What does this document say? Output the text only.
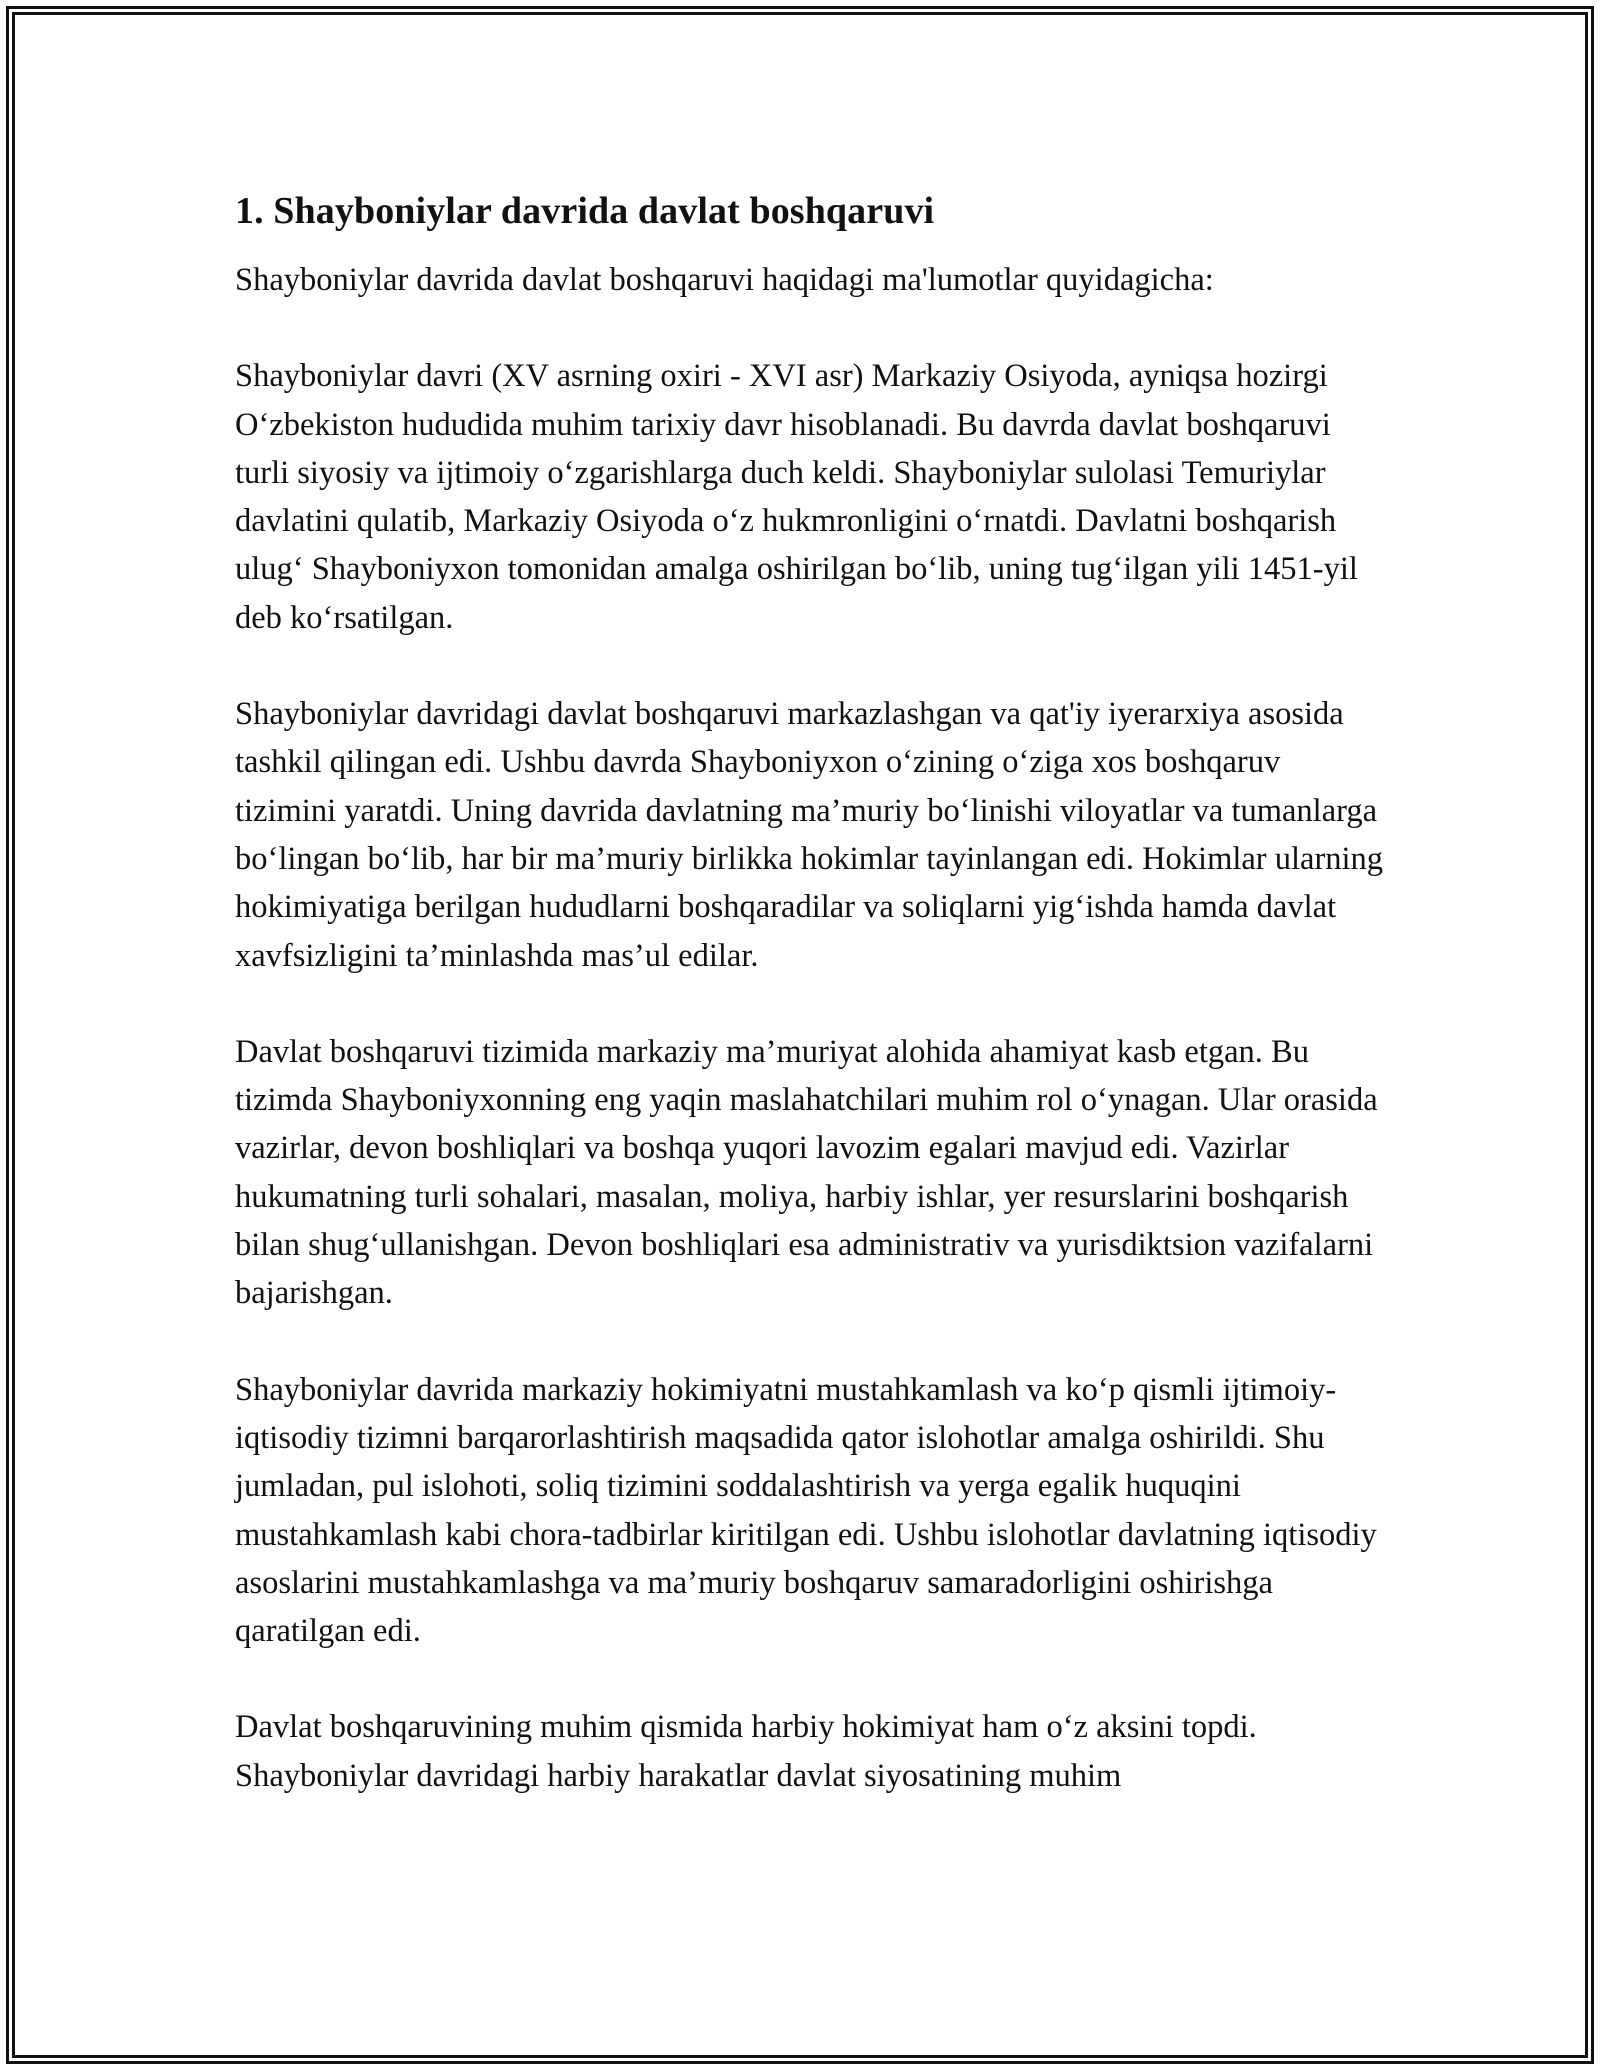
1. Shayboniylar davrida davlat boshqaruvi

Shayboniylar davrida davlat boshqaruvi haqidagi ma'lumotlar quyidagicha:

Shayboniylar davri (XV asrning oxiri - XVI asr) Markaziy Osiyoda, ayniqsa hozirgi O‘zbekiston hududida muhim tarixiy davr hisoblanadi. Bu davrda davlat boshqaruvi turli siyosiy va ijtimoiy o‘zgarishlarga duch keldi. Shayboniylar sulolasi Temuriylar davlatini qulatib, Markaziy Osiyoda o‘z hukmronligini o‘rnatdi. Davlatni boshqarish ulug‘ Shayboniyxon tomonidan amalga oshirilgan bo‘lib, uning tug‘ilgan yili 1451-yil deb ko‘rsatilgan.

Shayboniylar davridagi davlat boshqaruvi markazlashgan va qat'iy iyerarxiya asosida tashkil qilingan edi. Ushbu davrda Shayboniyxon o‘zining o‘ziga xos boshqaruv tizimini yaratdi. Uning davrida davlatning ma’muriy bo‘linishi viloyatlar va tumanlarga bo‘lingan bo‘lib, har bir ma’muriy birlikka hokimlar tayinlangan edi. Hokimlar ularning hokimiyatiga berilgan hududlarni boshqaradilar va soliqlarni yig‘ishda hamda davlat xavfsizligini ta’minlashda mas’ul edilar.

Davlat boshqaruvi tizimida markaziy ma’muriyat alohida ahamiyat kasb etgan. Bu tizimda Shayboniyxonning eng yaqin maslahatchilari muhim rol o‘ynagan. Ular orasida vazirlar, devon boshliqlari va boshqa yuqori lavozim egalari mavjud edi. Vazirlar hukumatning turli sohalari, masalan, moliya, harbiy ishlar, yer resurslarini boshqarish bilan shug‘ullanishgan. Devon boshliqlari esa administrativ va yurisdiktsion vazifalarni bajarishgan.

Shayboniylar davrida markaziy hokimiyatni mustahkamlash va ko‘p qismli ijtimoiy-iqtisodiy tizimni barqarorlashtirish maqsadida qator islohotlar amalga oshirildi. Shu jumladan, pul islohoti, soliq tizimini soddalashtirish va yerga egalik huquqini mustahkamlash kabi chora-tadbirlar kiritilgan edi. Ushbu islohotlar davlatning iqtisodiy asoslarini mustahkamlashga va ma’muriy boshqaruv samaradorligini oshirishga qaratilgan edi.

Davlat boshqaruvining muhim qismida harbiy hokimiyat ham o‘z aksini topdi. Shayboniylar davridagi harbiy harakatlar davlat siyosatining muhim
